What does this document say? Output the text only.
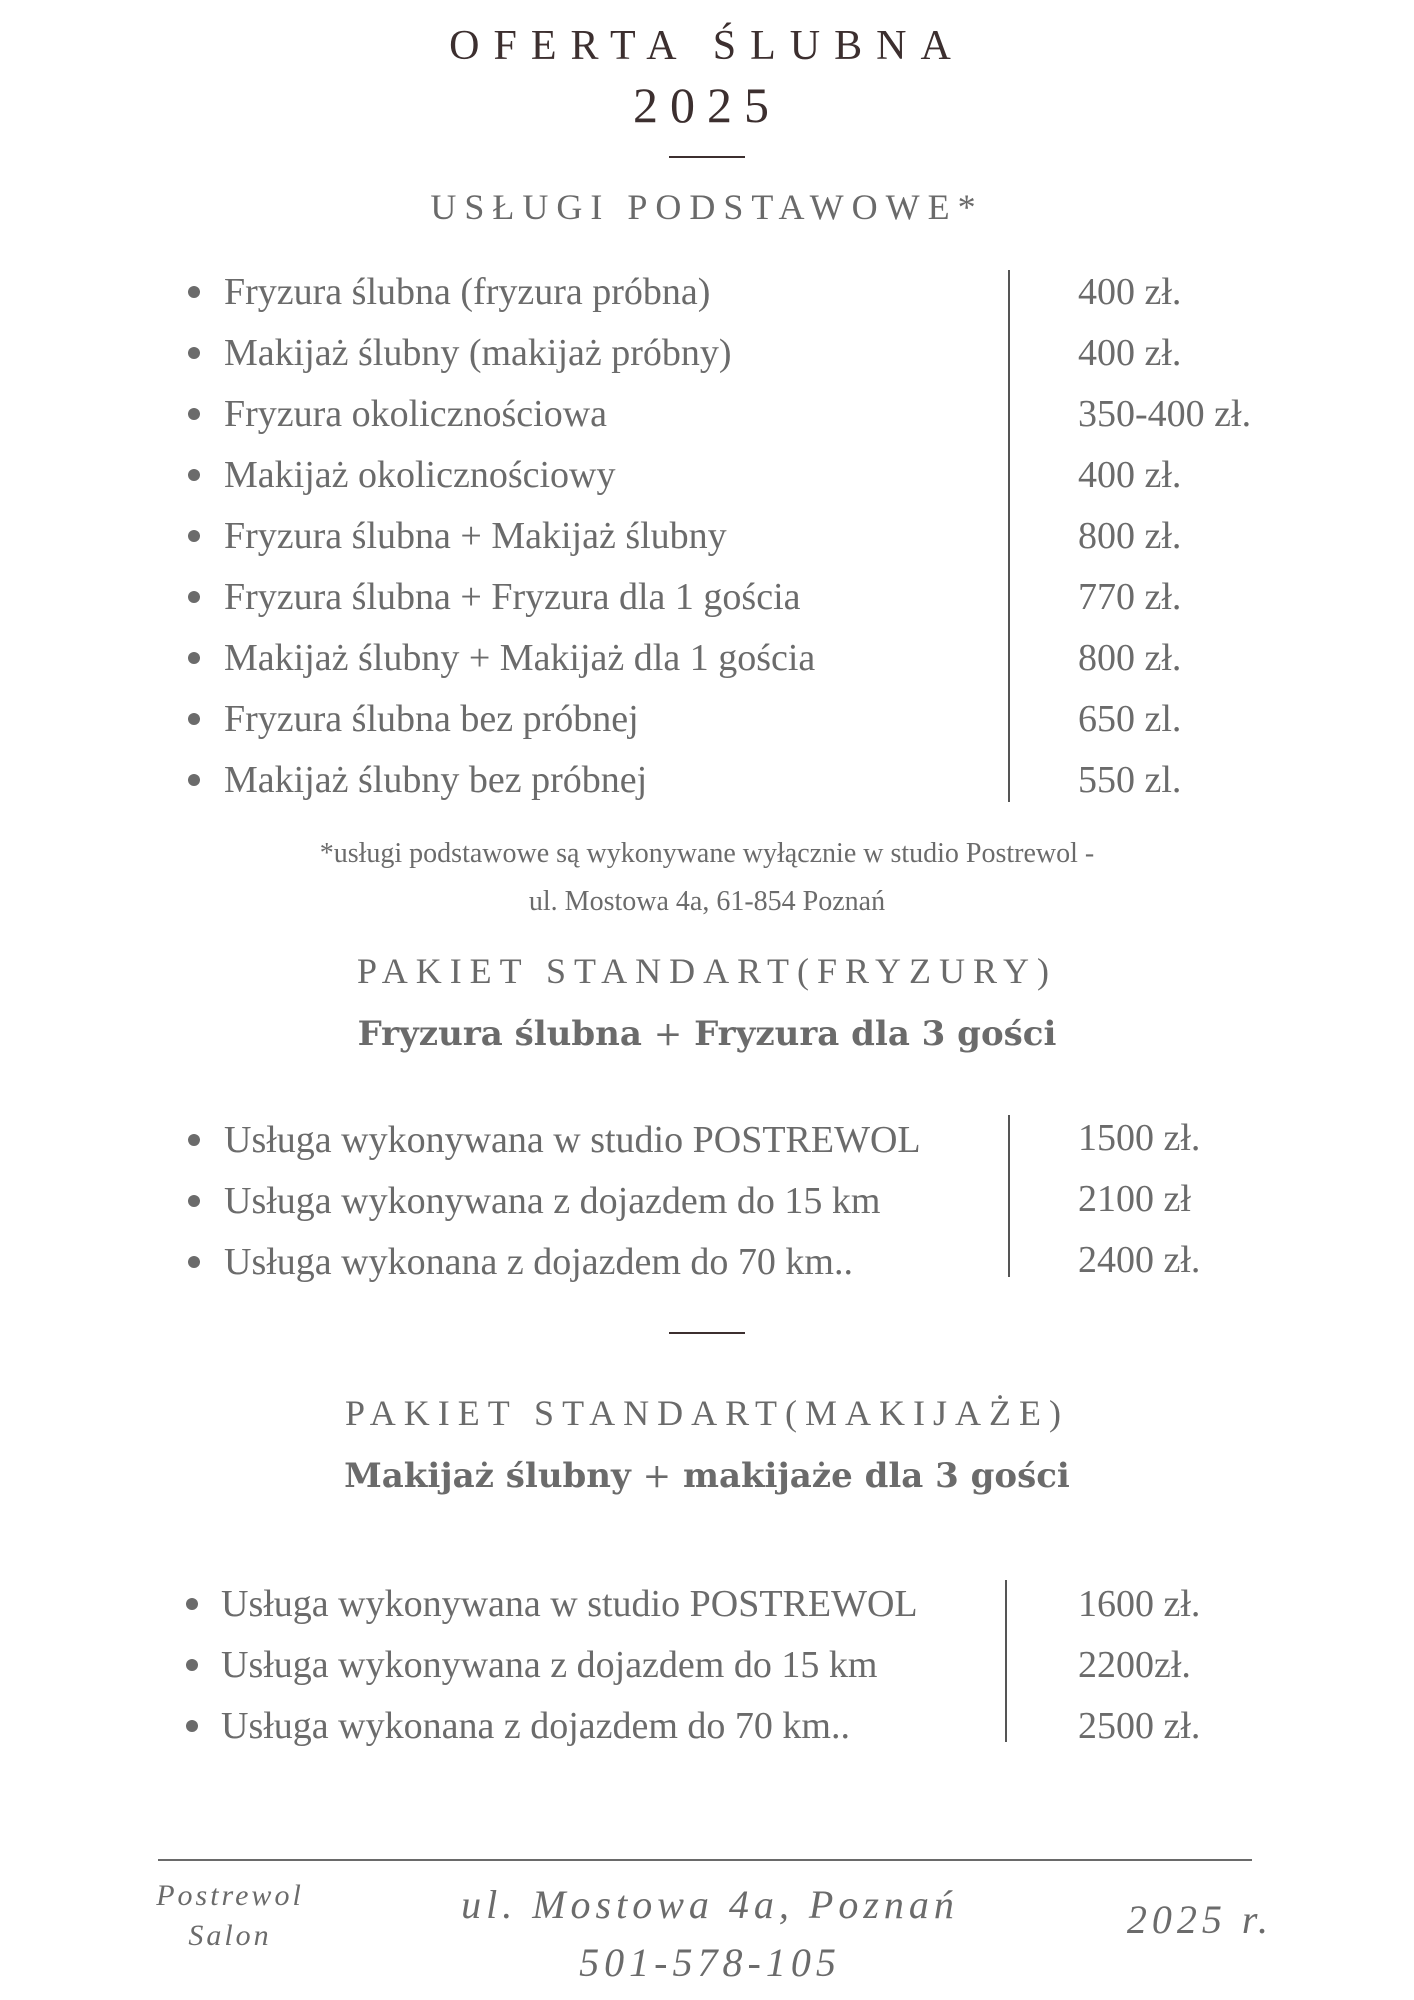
OFERTA ŚLUBNA
2025
USŁUGI PODSTAWOWE*
Fryzura ślubna (fryzura próbna)	400 zł.
Makijaż ślubny (makijaż próbny)	400 zł.
Fryzura okolicznościowa	350-400 zł.
Makijaż okolicznościowy	400 zł.
Fryzura ślubna + Makijaż ślubny	800 zł.
Fryzura ślubna + Fryzura dla 1 gościa	770 zł.
Makijaż ślubny + Makijaż dla 1 gościa	800 zł.
Fryzura ślubna bez próbnej	650 zl.
Makijaż ślubny bez próbnej	550 zl.
*usługi podstawowe są wykonywane wyłącznie w studio Postrewol -
ul. Mostowa 4a, 61-854 Poznań
PAKIET STANDART(FRYZURY)
Fryzura ślubna + Fryzura dla 3 gości
Usługa wykonywana w studio POSTREWOL	1500 zł.
Usługa wykonywana z dojazdem do 15 km	2100 zł
Usługa wykonana z dojazdem do 70 km..	2400 zł.
PAKIET STANDART(MAKIJAŻE)
Makijaż ślubny + makijaże dla 3 gości
Usługa wykonywana w studio POSTREWOL	1600 zł.
Usługa wykonywana z dojazdem do 15 km	2200zł.
Usługa wykonana z dojazdem do 70 km..	2500 zł.
Postrewol
Salon
ul. Mostowa 4a, Poznań
501-578-105
2025 r.
